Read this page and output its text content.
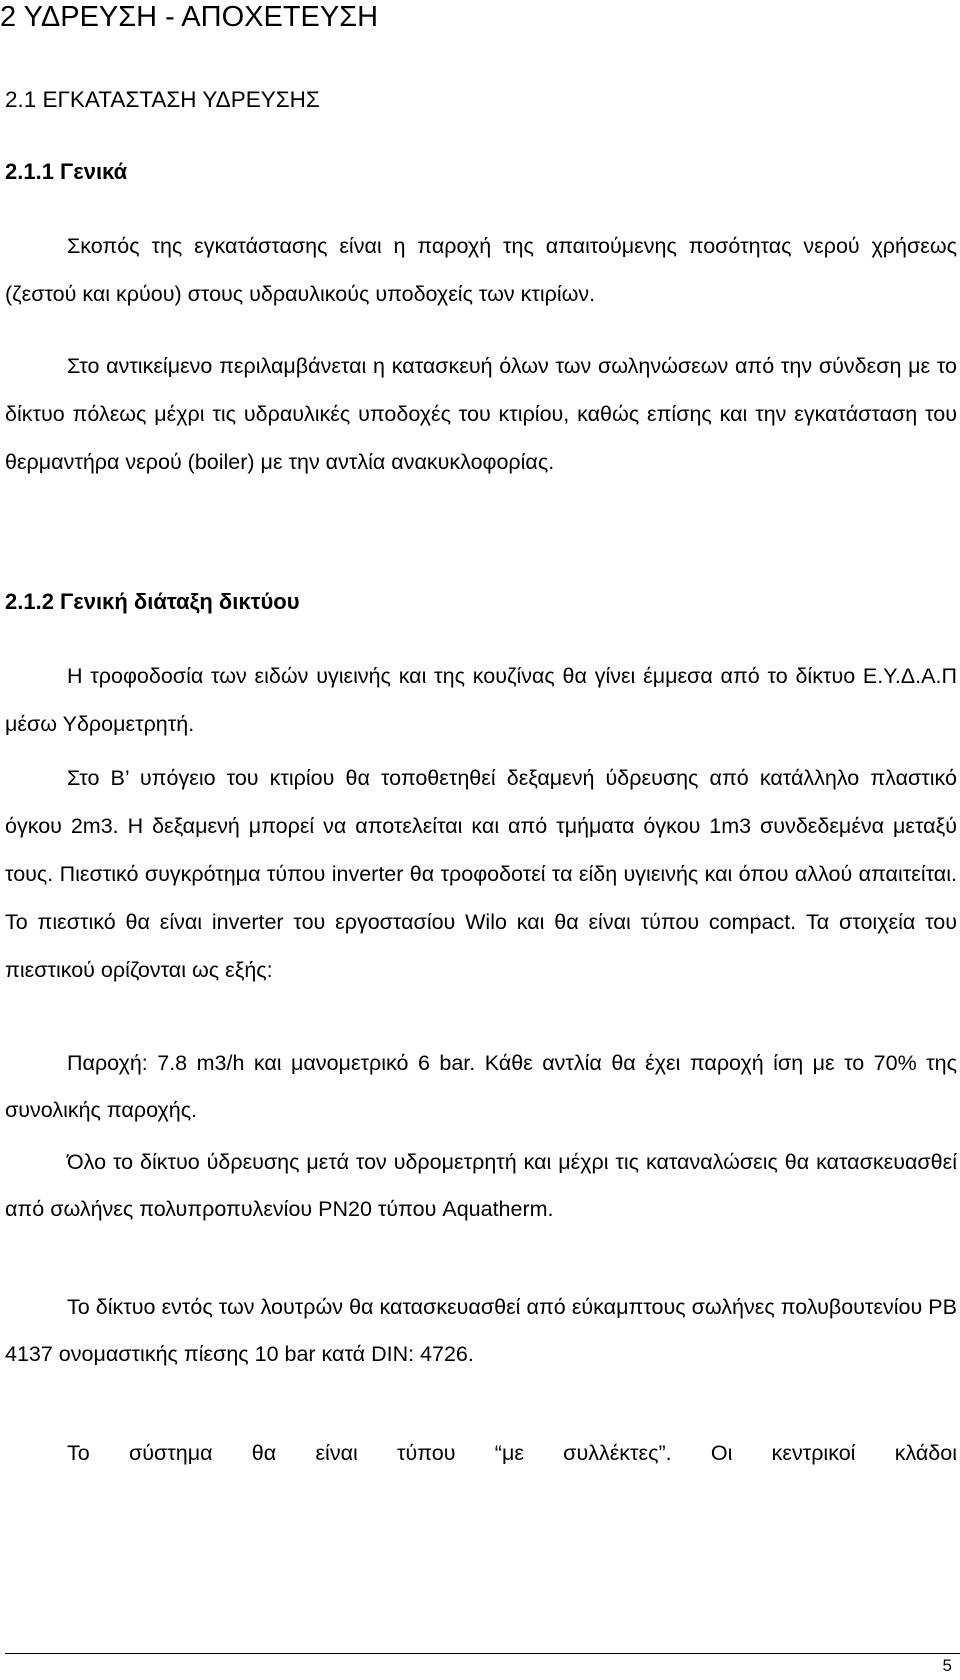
2 ΥΔΡΕΥΣΗ - ΑΠΟΧΕΤΕΥΣΗ
2.1 ΕΓΚΑΤΑΣΤΑΣΗ ΥΔΡΕΥΣΗΣ
2.1.1 Γενικά

Σκοπός της εγκατάστασης είναι η παροχή της απαιτούμενης ποσότητας νερού χρήσεως (ζεστού και κρύου) στους υδραυλικούς υποδοχείς των κτιρίων.

Στο αντικείμενο περιλαμβάνεται η κατασκευή όλων των σωληνώσεων από την σύνδεση με το δίκτυο πόλεως μέχρι τις υδραυλικές υποδοχές του κτιρίου, καθώς επίσης και την εγκατάσταση του θερμαντήρα νερού (boiler) με την αντλία ανακυκλοφορίας.

2.1.2 Γενική διάταξη δικτύου

Η τροφοδοσία των ειδών υγιεινής και της κουζίνας θα γίνει έμμεσα από το δίκτυο Ε.Υ.Δ.Α.Π μέσω Υδρομετρητή.

Στο Β’ υπόγειο του κτιρίου θα τοποθετηθεί δεξαμενή ύδρευσης από κατάλληλο πλαστικό όγκου 2m3. Η δεξαμενή μπορεί να αποτελείται και από τμήματα όγκου 1m3 συνδεδεμένα μεταξύ τους. Πιεστικό συγκρότημα τύπου inverter θα τροφοδοτεί τα είδη υγιεινής και όπου αλλού απαιτείται. Το πιεστικό θα είναι inverter του εργοστασίου Wilo και θα είναι τύπου compact. Τα στοιχεία του πιεστικού ορίζονται ως εξής:

Παροχή: 7.8 m3/h και μανομετρικό 6 bar. Κάθε αντλία θα έχει παροχή ίση με το 70% της συνολικής παροχής.

Όλο το δίκτυο ύδρευσης μετά τον υδρομετρητή και μέχρι τις καταναλώσεις θα κατασκευασθεί από σωλήνες πολυπροπυλενίου PN20 τύπου Aquatherm.

Το δίκτυο εντός των λουτρών θα κατασκευασθεί από εύκαμπτους σωλήνες πολυβουτενίου PB 4137 ονομαστικής πίεσης 10 bar κατά DIN: 4726.

Το σύστημα θα είναι τύπου “με συλλέκτες”. Οι κεντρικοί κλάδοι

5
